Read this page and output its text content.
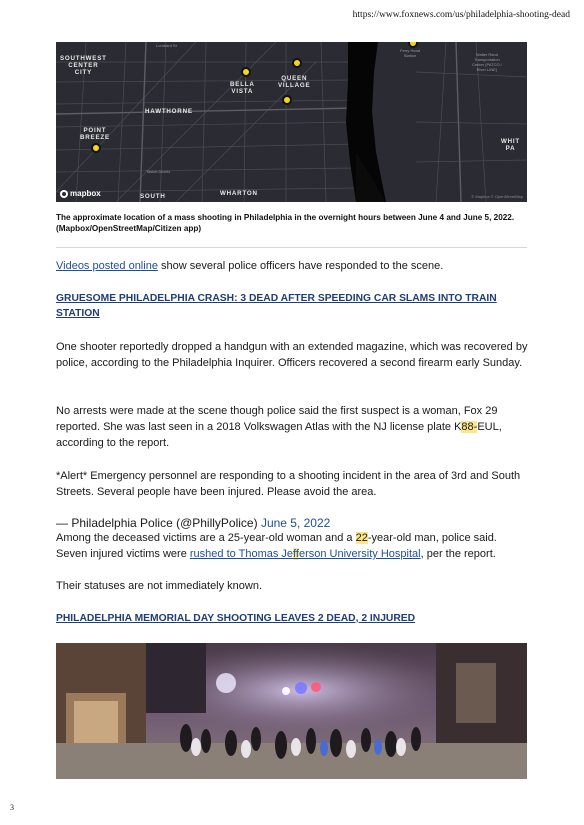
https://www.foxnews.com/us/philadelphia-shooting-dead
Lombard St
SOUTHWEST
CENTER
CITY
BELLA
VISTA
QUEEN
VILLAGE
HAWTHORNE
POINT
BREEZE
Tasker-Morris
SOUTH	WHARTON
WHIT
PA
Ferry Head
Station	Walter Rand
Transportation
Center (PATCO /
River LINE)
mapbox	© Mapbox © OpenStreetMap
The approximate location of a mass shooting in Philadelphia in the overnight hours between June 4 and June 5, 2022. (Mapbox/OpenStreetMap/Citizen app)
Videos posted online show several police officers have responded to the scene.
GRUESOME PHILADELPHIA CRASH: 3 DEAD AFTER SPEEDING CAR SLAMS INTO TRAIN STATION
One shooter reportedly dropped a handgun with an extended magazine, which was recovered by police, according to the Philadelphia Inquirer. Officers recovered a second firearm early Sunday.
No arrests were made at the scene though police said the first suspect is a woman, Fox 29 reported. She was last seen in a 2018 Volkswagen Atlas with the NJ license plate K88-EUL, according to the report.
*Alert* Emergency personnel are responding to a shooting incident in the area of 3rd and South Streets. Several people have been injured. Please avoid the area.
— Philadelphia Police (@PhillyPolice) June 5, 2022
Among the deceased victims are a 25-year-old woman and a 22-year-old man, police said. Seven injured victims were rushed to Thomas Jefferson University Hospital, per the report.
Their statuses are not immediately known.
PHILADELPHIA MEMORIAL DAY SHOOTING LEAVES 2 DEAD, 2 INJURED
3
